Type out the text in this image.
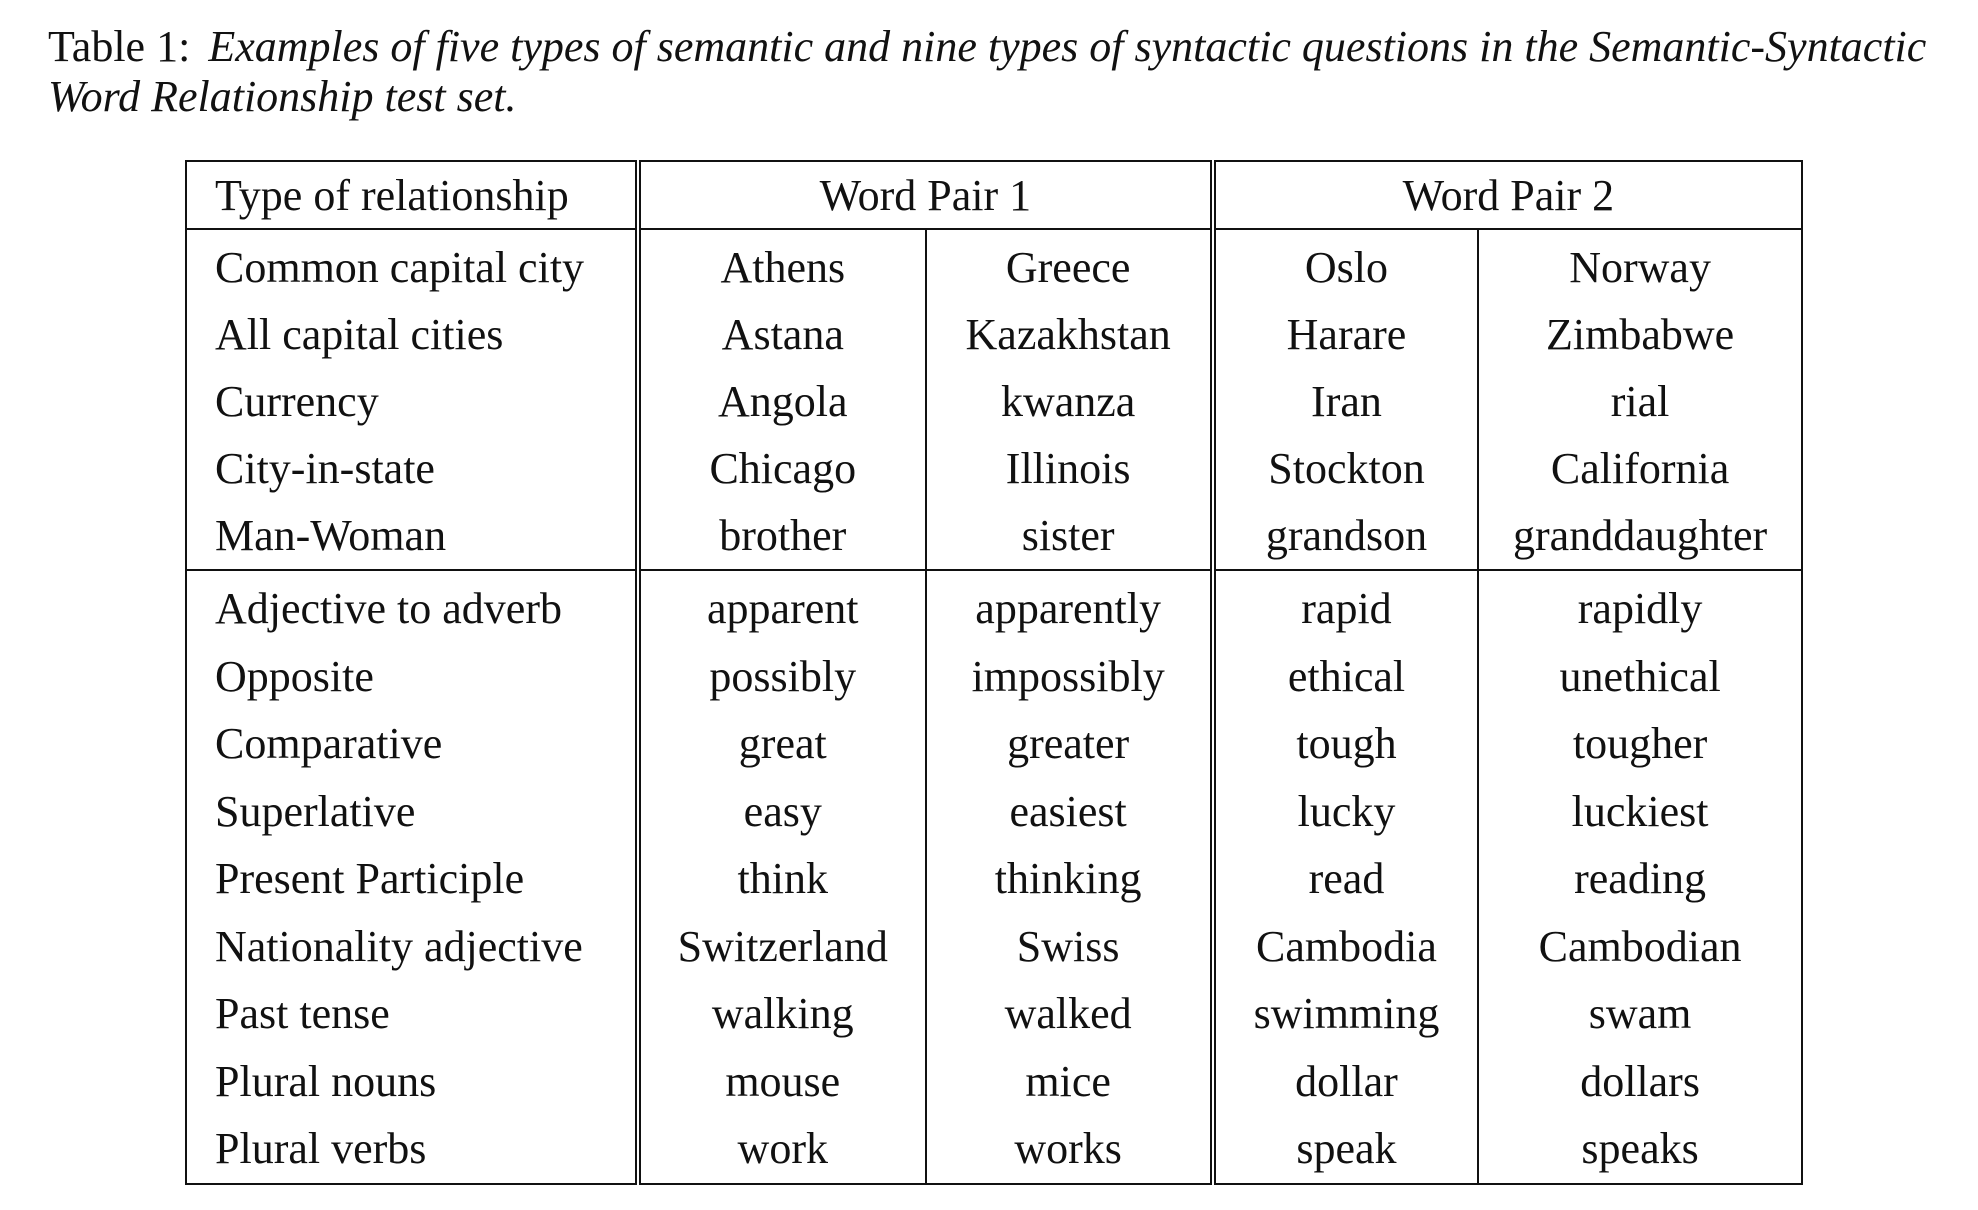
Table 1: Examples of five types of semantic and nine types of syntactic questions in the Semantic-Syntactic Word Relationship test set.

Type of relationship	Word Pair 1		Word Pair 2	
Common capital city	Athens	Greece	Oslo	Norway
All capital cities	Astana	Kazakhstan	Harare	Zimbabwe
Currency	Angola	kwanza	Iran	rial
City-in-state	Chicago	Illinois	Stockton	California
Man-Woman	brother	sister	grandson	granddaughter
Adjective to adverb	apparent	apparently	rapid	rapidly
Opposite	possibly	impossibly	ethical	unethical
Comparative	great	greater	tough	tougher
Superlative	easy	easiest	lucky	luckiest
Present Participle	think	thinking	read	reading
Nationality adjective	Switzerland	Swiss	Cambodia	Cambodian
Past tense	walking	walked	swimming	swam
Plural nouns	mouse	mice	dollar	dollars
Plural verbs	work	works	speak	speaks
